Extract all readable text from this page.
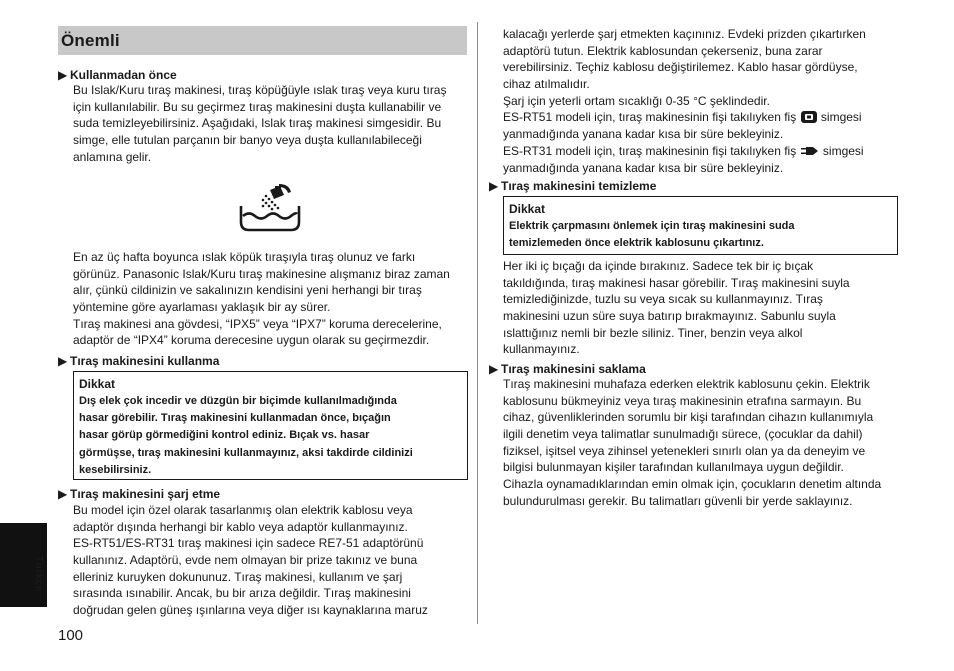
Önemli
▶ Kullanmadan önce
Bu Islak/Kuru tıraş makinesi, tıraş köpüğüyle ıslak tıraş veya kuru tıraş
için kullanılabilir. Bu su geçirmez tıraş makinesini duşta kullanabilir ve
suda temizleyebilirsiniz. Aşağıdaki, Islak tıraş makinesi simgesidir. Bu
simge, elle tutulan parçanın bir banyo veya duşta kullanılabileceği
anlamına gelir.
En az üç hafta boyunca ıslak köpük tıraşıyla tıraş olunuz ve farkı
görünüz. Panasonic Islak/Kuru tıraş makinesine alışmanız biraz zaman
alır, çünkü cildinizin ve sakalınızın kendisini yeni herhangi bir tıraş
yöntemine göre ayarlaması yaklaşık bir ay sürer.
Tıraş makinesi ana gövdesi, “IPX5” veya “IPX7” koruma derecelerine,
adaptör de “IPX4” koruma derecesine uygun olarak su geçirmezdir.
▶ Tıraş makinesini kullanma
Dikkat
Dış elek çok incedir ve düzgün bir biçimde kullanılmadığında
hasar görebilir. Tıraş makinesini kullanmadan önce, bıçağın
hasar görüp görmediğini kontrol ediniz. Bıçak vs. hasar
görmüşse, tıraş makinesini kullanmayınız, aksi takdirde cildinizi
kesebilirsiniz.
▶ Tıraş makinesini şarj etme
Bu model için özel olarak tasarlanmış olan elektrik kablosu veya
adaptör dışında herhangi bir kablo veya adaptör kullanmayınız.
ES-RT51/ES-RT31 tıraş makinesi için sadece RE7-51 adaptörünü
kullanınız. Adaptörü, evde nem olmayan bir prize takınız ve buna
elleriniz kuruyken dokununuz. Tıraş makinesi, kullanım ve şarj
sırasında ısınabilir. Ancak, bu bir arıza değildir. Tıraş makinesini
doğrudan gelen güneş ışınlarına veya diğer ısı kaynaklarına maruz
Türkçe
100
kalacağı yerlerde şarj etmekten kaçınınız. Evdeki prizden çıkartırken
adaptörü tutun. Elektrik kablosundan çekerseniz, buna zarar
verebilirsiniz. Teçhiz kablosu değiştirilemez. Kablo hasar gördüyse,
cihaz atılmalıdır.
Şarj için yeterli ortam sıcaklığı 0-35 °C şeklindedir.
ES-RT51 modeli için, tıraş makinesinin fişi takılıyken fiş simgesi
yanmadığında yanana kadar kısa bir süre bekleyiniz.
ES-RT31 modeli için, tıraş makinesinin fişi takılıyken fiş simgesi
yanmadığında yanana kadar kısa bir süre bekleyiniz.
▶ Tıraş makinesini temizleme
Dikkat
Elektrik çarpmasını önlemek için tıraş makinesini suda
temizlemeden önce elektrik kablosunu çıkartınız.
Her iki iç bıçağı da içinde bırakınız. Sadece tek bir iç bıçak
takıldığında, tıraş makinesi hasar görebilir. Tıraş makinesini suyla
temizlediğinizde, tuzlu su veya sıcak su kullanmayınız. Tıraş
makinesini uzun süre suya batırıp bırakmayınız. Sabunlu suyla
ıslattığınız nemli bir bezle siliniz. Tiner, benzin veya alkol
kullanmayınız.
▶ Tıraş makinesini saklama
Tıraş makinesini muhafaza ederken elektrik kablosunu çekin. Elektrik
kablosunu bükmeyiniz veya tıraş makinesinin etrafına sarmayın. Bu
cihaz, güvenliklerinden sorumlu bir kişi tarafından cihazın kullanımıyla
ilgili denetim veya talimatlar sunulmadığı sürece, (çocuklar da dahil)
fiziksel, işitsel veya zihinsel yetenekleri sınırlı olan ya da deneyim ve
bilgisi bulunmayan kişiler tarafından kullanılmaya uygun değildir.
Cihazla oynamadıklarından emin olmak için, çocukların denetim altında
bulundurulması gerekir. Bu talimatları güvenli bir yerde saklayınız.
